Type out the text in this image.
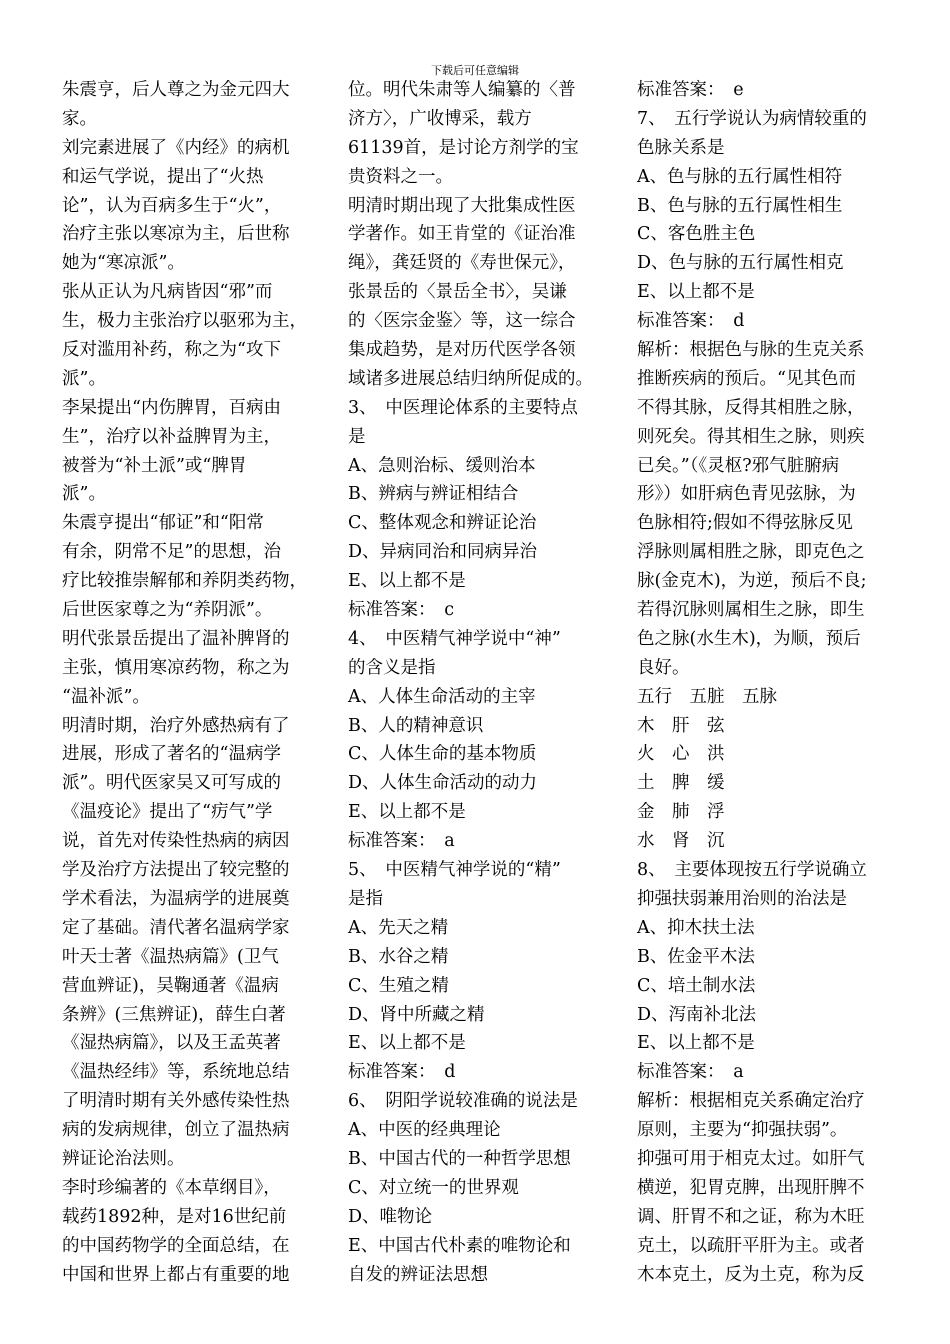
下载后可任意编辑
朱震亨，后人尊之为金元四大
家。
刘完素进展了《内经》的病机
和运气学说，提出了“火热
论”，认为百病多生于“火”，
治疗主张以寒凉为主，后世称
她为“寒凉派”。
张从正认为凡病皆因“邪”而
生，极力主张治疗以驱邪为主，
反对滥用补药，称之为“攻下
派”。
李杲提出“内伤脾胃，百病由
生”，治疗以补益脾胃为主，
被誉为“补土派”或“脾胃
派”。
朱震亨提出“郁证”和“阳常
有余，阴常不足”的思想，治
疗比较推崇解郁和养阴类药物，
后世医家尊之为“养阴派”。
明代张景岳提出了温补脾肾的
主张，慎用寒凉药物，称之为
“温补派”。
明清时期，治疗外感热病有了
进展，形成了著名的“温病学
派”。明代医家吴又可写成的
《温疫论》提出了“疠气”学
说，首先对传染性热病的病因
学及治疗方法提出了较完整的
学术看法，为温病学的进展奠
定了基础。清代著名温病学家
叶天士著《温热病篇》(卫气
营血辨证)，吴鞠通著《温病
条辨》(三焦辨证)，薛生白著
《湿热病篇》，以及王孟英著
《温热经纬》等，系统地总结
了明清时期有关外感传染性热
病的发病规律，创立了温热病
辨证论治法则。
李时珍编著的《本草纲目》，
载药1892种，是对16世纪前
的中国药物学的全面总结，在
中国和世界上都占有重要的地
位。明代朱肃等人编纂的〈普
济方〉，广收博采，载方
61139首，是讨论方剂学的宝
贵资料之一。
明清时期出现了大批集成性医
学著作。如王肯堂的《证治准
绳》，龚廷贤的《寿世保元》，
张景岳的〈景岳全书〉，吴谦
的〈医宗金鉴〉等，这一综合
集成趋势，是对历代医学各领
域诸多进展总结归纳所促成的。
3、　中医理论体系的主要特点
是
A、急则治标、缓则治本
B、辨病与辨证相结合
C、整体观念和辨证论治
D、异病同治和同病异治
E、以上都不是
标准答案：　c
4、　中医精气神学说中“神”
的含义是指
A、人体生命活动的主宰
B、人的精神意识
C、人体生命的基本物质
D、人体生命活动的动力
E、以上都不是
标准答案：　a
5、　中医精气神学说的“精”
是指
A、先天之精
B、水谷之精
C、生殖之精
D、肾中所藏之精
E、以上都不是
标准答案：　d
6、　阴阳学说较准确的说法是
A、中医的经典理论
B、中国古代的一种哲学思想
C、对立统一的世界观
D、唯物论
E、中国古代朴素的唯物论和
自发的辨证法思想
标准答案：　e
7、　五行学说认为病情较重的
色脉关系是
A、色与脉的五行属性相符
B、色与脉的五行属性相生
C、客色胜主色
D、色与脉的五行属性相克
E、以上都不是
标准答案：　d
解析：根据色与脉的生克关系
推断疾病的预后。“见其色而
不得其脉，反得其相胜之脉，
则死矣。得其相生之脉，则疾
已矣。”（《灵枢?邪气脏腑病
形》）如肝病色青见弦脉，为
色脉相符;假如不得弦脉反见
浮脉则属相胜之脉，即克色之
脉(金克木)，为逆，预后不良;
若得沉脉则属相生之脉，即生
色之脉(水生木)，为顺，预后
良好。
五行　五脏　五脉
木　肝　弦
火　心　洪
土　脾　缓
金　肺　浮
水　肾　沉
8、　主要体现按五行学说确立
抑强扶弱兼用治则的治法是
A、抑木扶土法
B、佐金平木法
C、培土制水法
D、泻南补北法
E、以上都不是
标准答案：　a
解析：根据相克关系确定治疗
原则，主要为“抑强扶弱”。
抑强可用于相克太过。如肝气
横逆，犯胃克脾，出现肝脾不
调、肝胃不和之证，称为木旺
克土，以疏肝平肝为主。或者
木本克土，反为土克，称为反
